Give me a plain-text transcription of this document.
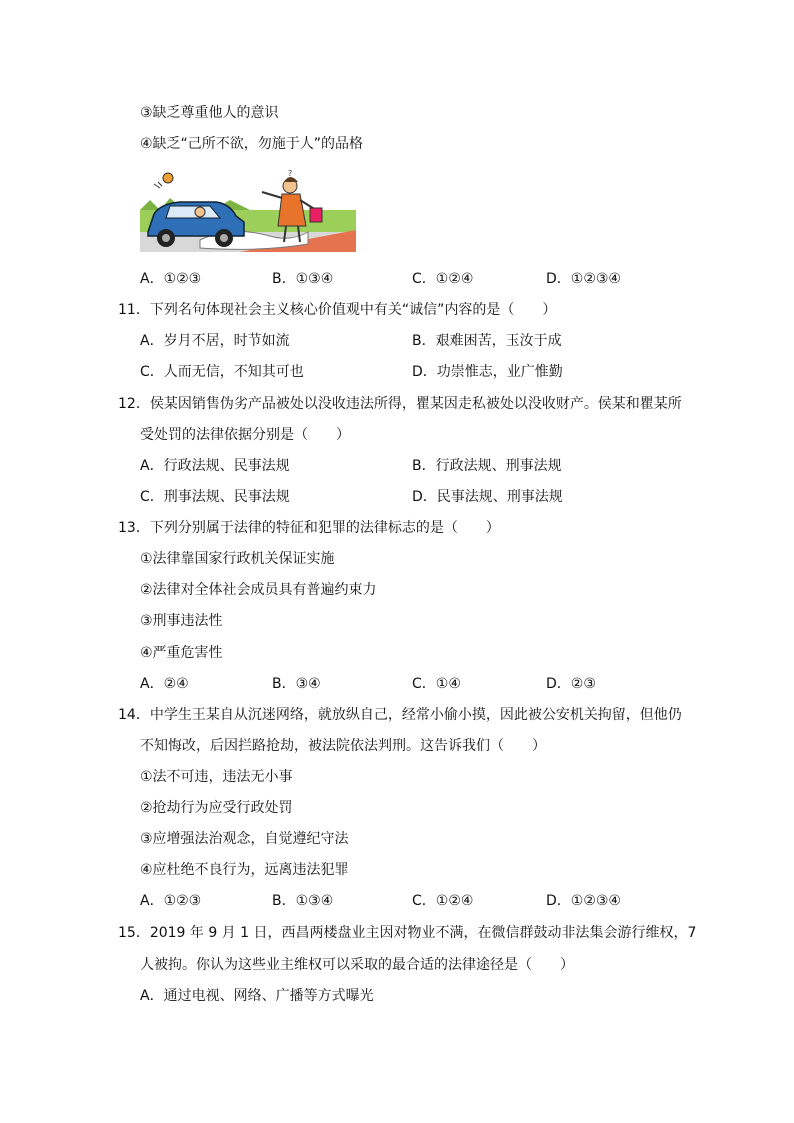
③缺乏尊重他人的意识
④缺乏“己所不欲，勿施于人”的品格
?
A．①②③	B．①③④	C．①②④	D．①②③④
11．下列名句体现社会主义核心价值观中有关“诚信”内容的是（　　）
A．岁月不居，时节如流	B．艰难困苦，玉汝于成
C．人而无信，不知其可也	D．功崇惟志，业广惟勤
12．侯某因销售伪劣产品被处以没收违法所得，瞿某因走私被处以没收财产。侯某和瞿某所
受处罚的法律依据分别是（　　）
A．行政法规、民事法规	B．行政法规、刑事法规
C．刑事法规、民事法规	D．民事法规、刑事法规
13．下列分别属于法律的特征和犯罪的法律标志的是（　　）
①法律靠国家行政机关保证实施
②法律对全体社会成员具有普遍约束力
③刑事违法性
④严重危害性
A．②④	B．③④	C．①④	D．②③
14．中学生王某自从沉迷网络，就放纵自己，经常小偷小摸，因此被公安机关拘留，但他仍
不知悔改，后因拦路抢劫，被法院依法判刑。这告诉我们（　　）
①法不可违，违法无小事
②抢劫行为应受行政处罚
③应增强法治观念，自觉遵纪守法
④应杜绝不良行为，远离违法犯罪
A．①②③	B．①③④	C．①②④	D．①②③④
15．2019 年 9 月 1 日，西昌两楼盘业主因对物业不满，在微信群鼓动非法集会游行维权，7
人被拘。你认为这些业主维权可以采取的最合适的法律途径是（　　）
A．通过电视、网络、广播等方式曝光
